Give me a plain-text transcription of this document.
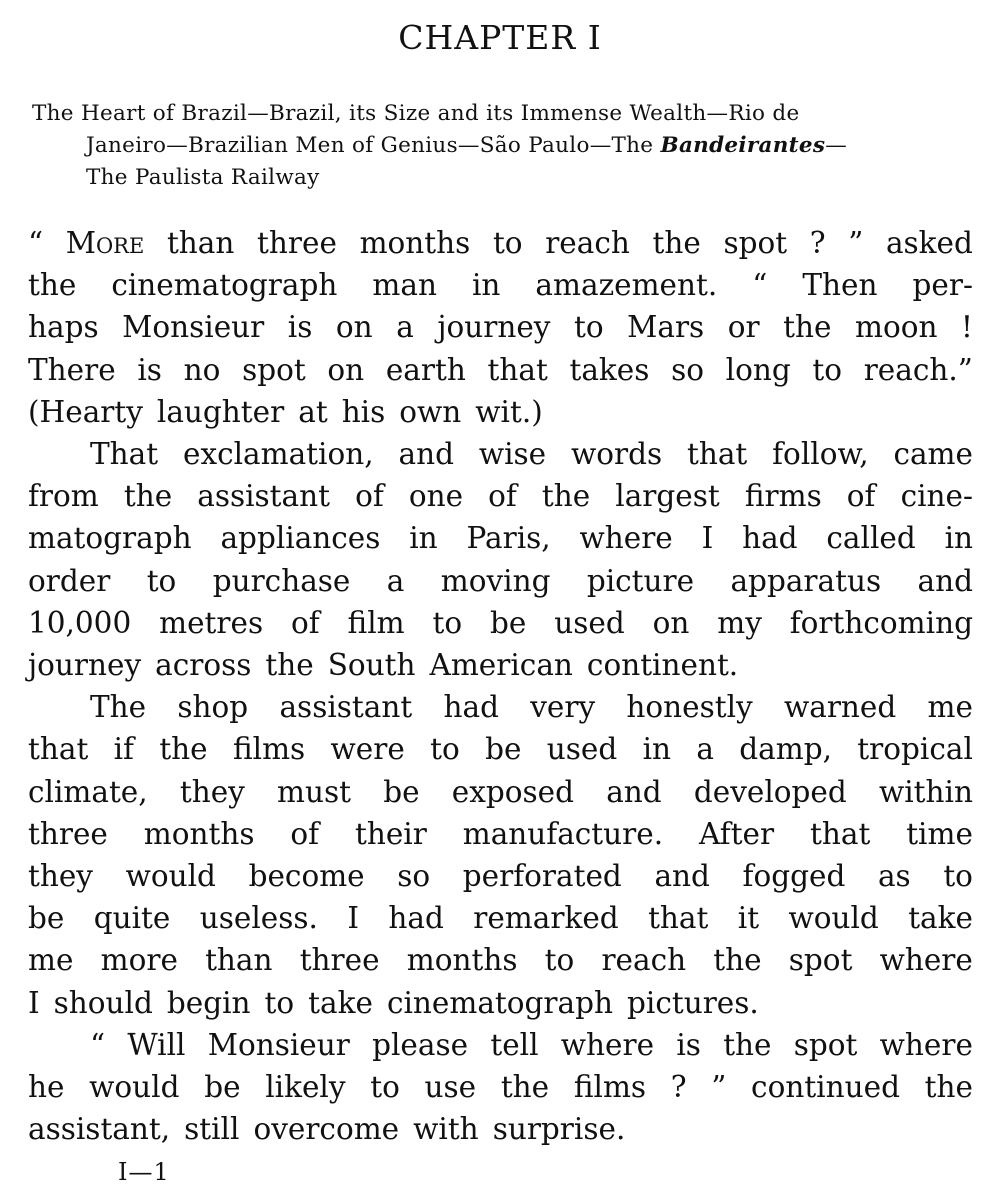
CHAPTER I
The Heart of Brazil—Brazil, its Size and its Immense Wealth—Rio de
Janeiro—Brazilian Men of Genius—São Paulo—The Bandeirantes—
The Paulista Railway
“ More than three months to reach the spot ? ” asked
the cinematograph man in amazement. “ Then per-
haps Monsieur is on a journey to Mars or the moon !
There is no spot on earth that takes so long to reach.”
(Hearty laughter at his own wit.)
That exclamation, and wise words that follow, came
from the assistant of one of the largest firms of cine-
matograph appliances in Paris, where I had called in
order to purchase a moving picture apparatus and
10,000 metres of film to be used on my forthcoming
journey across the South American continent.
The shop assistant had very honestly warned me
that if the films were to be used in a damp, tropical
climate, they must be exposed and developed within
three months of their manufacture. After that time
they would become so perforated and fogged as to
be quite useless. I had remarked that it would take
me more than three months to reach the spot where
I should begin to take cinematograph pictures.
“ Will Monsieur please tell where is the spot where
he would be likely to use the films ? ” continued the
assistant, still overcome with surprise.
I—1
